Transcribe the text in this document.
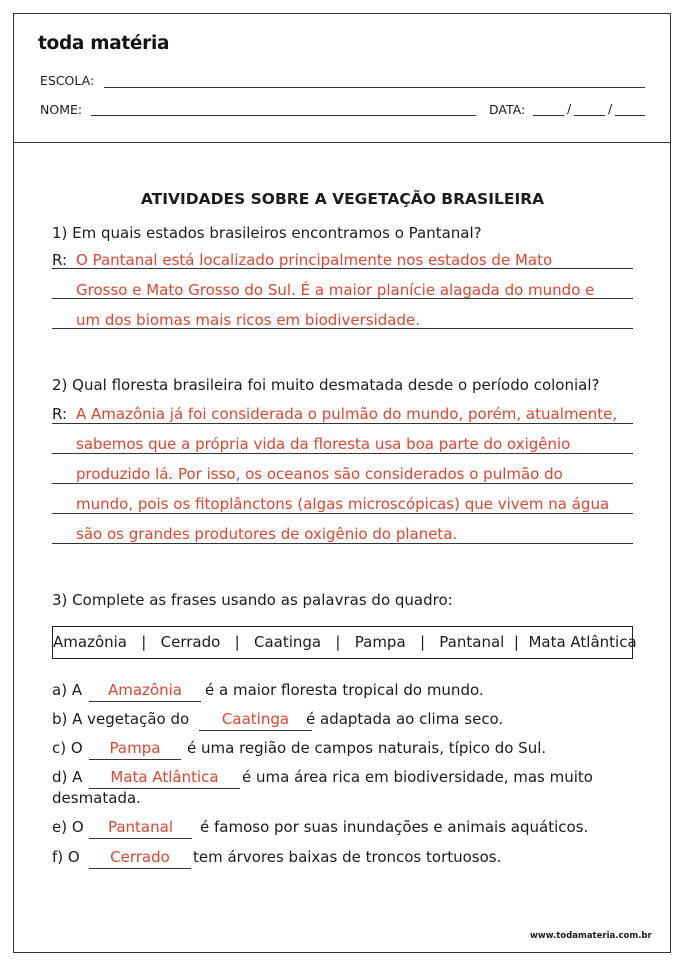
toda matéria
ESCOLA:
NOME:	DATA:	/	/
ATIVIDADES SOBRE A VEGETAÇÃO BRASILEIRA
1) Em quais estados brasileiros encontramos o Pantanal?
R: O Pantanal está localizado principalmente nos estados de Mato
Grosso e Mato Grosso do Sul. É a maior planície alagada do mundo e
um dos biomas mais ricos em biodiversidade.
2) Qual floresta brasileira foi muito desmatada desde o período colonial?
R: A Amazônia já foi considerada o pulmão do mundo, porém, atualmente,
sabemos que a própria vida da floresta usa boa parte do oxigênio
produzido lá. Por isso, os oceanos são considerados o pulmão do
mundo, pois os fitoplânctons (algas microscópicas) que vivem na água
são os grandes produtores de oxigênio do planeta.
3) Complete as frases usando as palavras do quadro:
Amazônia   |   Cerrado   |   Caatinga   |   Pampa   |   Pantanal  |  Mata Atlântica
a) A	Amazônia	é a maior floresta tropical do mundo.
b) A vegetação do	Caatinga	é adaptada ao clima seco.
c) O	Pampa	é uma região de campos naturais, típico do Sul.
d) A	Mata Atlântica	é uma área rica em biodiversidade, mas muito
desmatada.
e) O	Pantanal	é famoso por suas inundações e animais aquáticos.
f) O	Cerrado	tem árvores baixas de troncos tortuosos.
www.todamateria.com.br
